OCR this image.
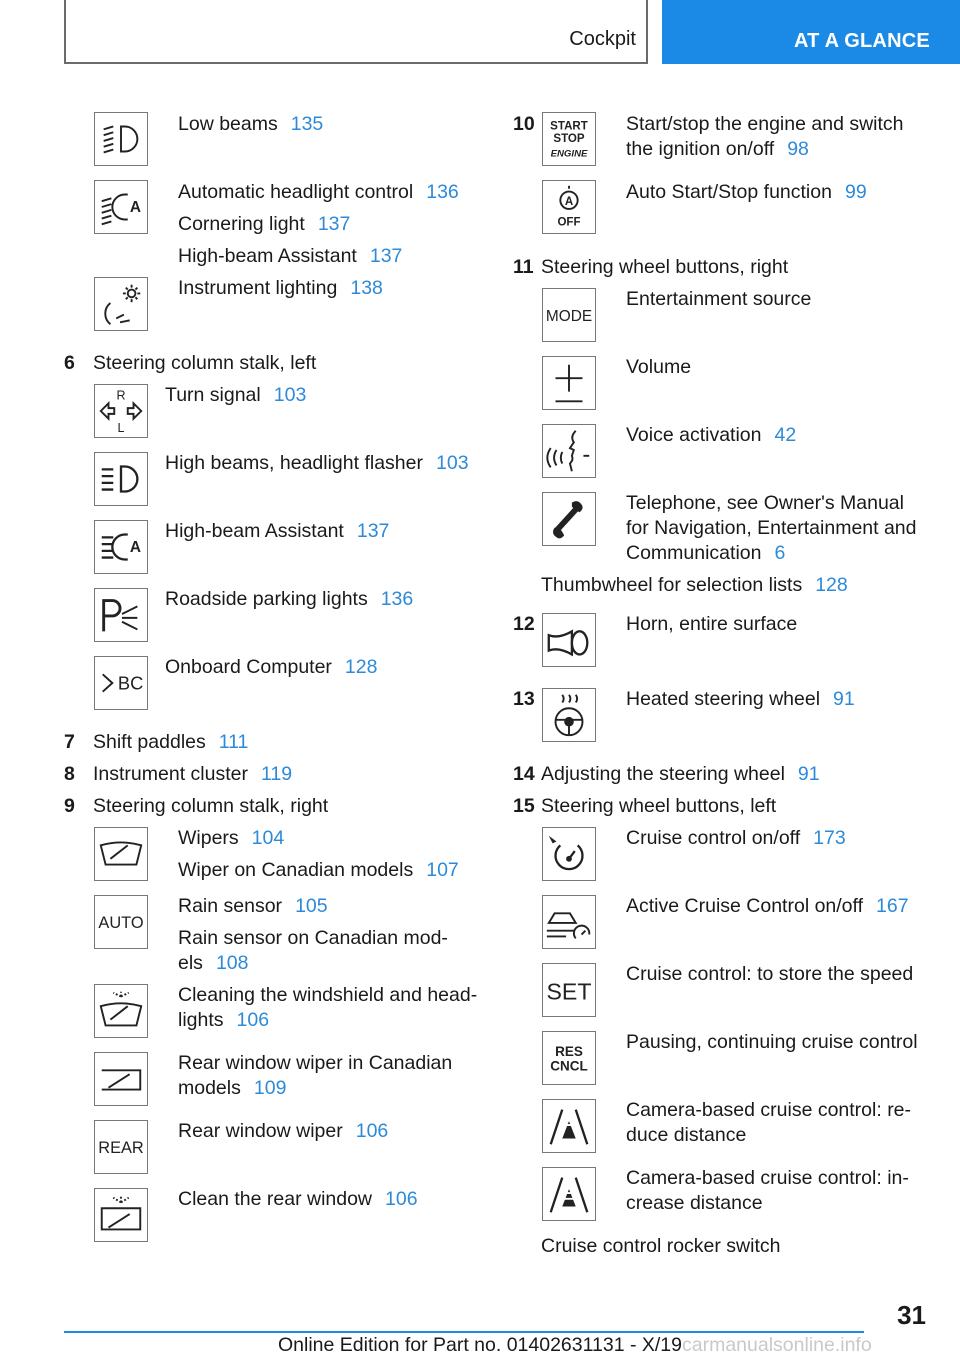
Cockpit	AT A GLANCE
Low beams 135
A
Automatic headlight control 136
Cornering light 137
High-beam Assistant 137
Instrument lighting 138
6 Steering column stalk, left
R
L
Turn signal 103
High beams, headlight flasher 103
A
High-beam Assistant 137
Roadside parking lights 136
BC
Onboard Computer 128
7 Shift paddles 111
8 Instrument cluster 119
9 Steering column stalk, right
Wipers 104
Wiper on Canadian models 107
AUTO
Rain sensor 105
Rain sensor on Canadian mod-
els 108
Cleaning the windshield and head-
lights 106
Rear window wiper in Canadian
models 109
REAR
Rear window wiper 106
Clean the rear window 106
10 START
STOP
ENGINE
Start/stop the engine and switch
the ignition on/off 98
A
OFF
Auto Start/Stop function 99
11 Steering wheel buttons, right
MODE
Entertainment source
Volume
Voice activation 42
Telephone, see Owner's Manual
for Navigation, Entertainment and
Communication 6
Thumbwheel for selection lists 128
12	Horn, entire surface
13	Heated steering wheel 91
14 Adjusting the steering wheel 91
15 Steering wheel buttons, left
Cruise control on/off 173
Active Cruise Control on/off 167
SET
Cruise control: to store the speed
RES
CNCL
Pausing, continuing cruise control
Camera-based cruise control: re-
duce distance
Camera-based cruise control: in-
crease distance
Cruise control rocker switch
31
Online Edition for Part no. 01402631131 - X/19carmanualsonline.info
